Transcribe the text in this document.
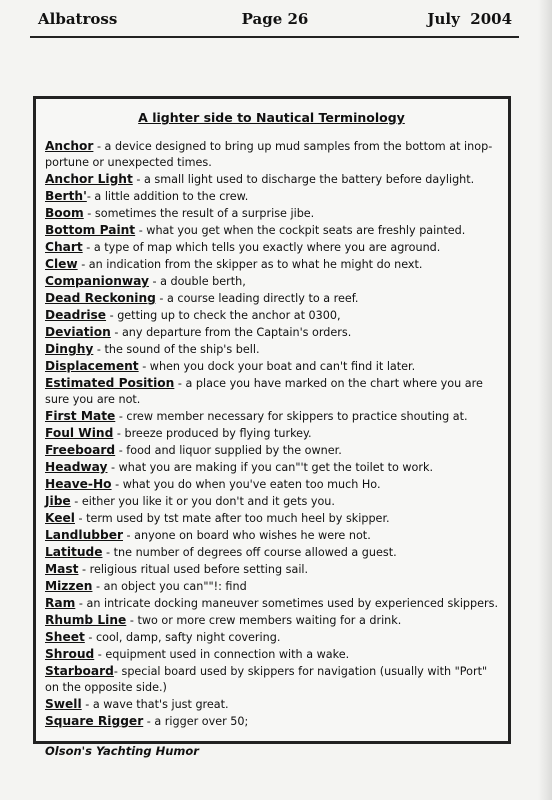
Albatross	Page 26	July  2004
A lighter side to Nautical Terminology
Anchor - a device designed to bring up mud samples from the bottom at inop-portune or unexpected times.
Anchor Light - a small light used to discharge the battery before daylight.
Berth'- a little addition to the crew.
Boom - sometimes the result of a surprise jibe.
Bottom Paint - what you get when the cockpit seats are freshly painted.
Chart - a type of map which tells you exactly where you are aground.
Clew - an indication from the skipper as to what he might do next.
Companionway - a double berth,
Dead Reckoning - a course leading directly to a reef.
Deadrise - getting up to check the anchor at 0300,
Deviation - any departure from the Captain's orders.
Dinghy - the sound of the ship's bell.
Displacement - when you dock your boat and can't find it later.
Estimated Position - a place you have marked on the chart where you are sure you are not.
First Mate - crew member necessary for skippers to practice shouting at.
Foul Wind - breeze produced by flying turkey.
Freeboard - food and liquor supplied by the owner.
Headway - what you are making if you can"'t get the toilet to work.
Heave-Ho - what you do when you've eaten too much Ho.
Jibe - either you like it or you don't and it gets you.
Keel - term used by tst mate after too much heel by skipper.
Landlubber - anyone on board who wishes he were not.
Latitude - tne number of degrees off course allowed a guest.
Mast - religious ritual used before setting sail.
Mizzen - an object you can""!: find
Ram - an intricate docking maneuver sometimes used by experienced skippers.
Rhumb Line - two or more crew members waiting for a drink.
Sheet - cool, damp, safty night covering.
Shroud - equipment used in connection with a wake.
Starboard- special board used by skippers for navigation (usually with "Port" on the opposite side.)
Swell - a wave that's just great.
Square Rigger - a rigger over 50;
Olson's Yachting Humor
